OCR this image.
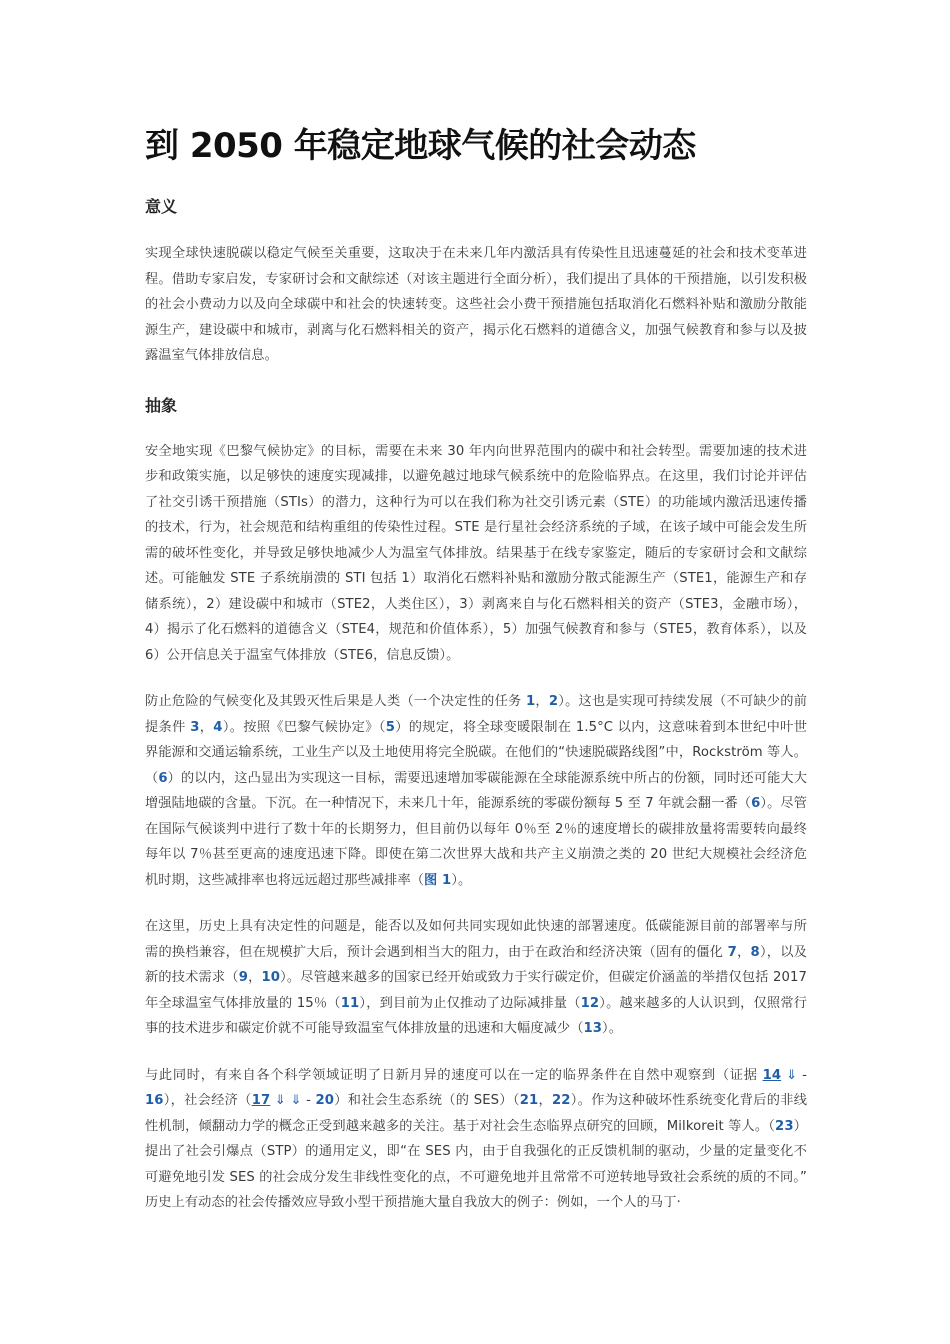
到 2050 年稳定地球气候的社会动态
意义

实现全球快速脱碳以稳定气候至关重要，这取决于在未来几年内激活具有传染性且迅速蔓延的社会和技术变革进程。借助专家启发，专家研讨会和文献综述（对该主题进行全面分析），我们提出了具体的干预措施，以引发积极的社会小费动力以及向全球碳中和社会的快速转变。这些社会小费干预措施包括取消化石燃料补贴和激励分散能源生产，建设碳中和城市，剥离与化石燃料相关的资产，揭示化石燃料的道德含义，加强气候教育和参与以及披露温室气体排放信息。

抽象

安全地实现《巴黎气候协定》的目标，需要在未来 30 年内向世界范围内的碳中和社会转型。需要加速的技术进步和政策实施，以足够快的速度实现减排，以避免越过地球气候系统中的危险临界点。在这里，我们讨论并评估了社交引诱干预措施（STIs）的潜力，这种行为可以在我们称为社交引诱元素（STE）的功能域内激活迅速传播的技术，行为，社会规范和结构重组的传染性过程。STE 是行星社会经济系统的子域，在该子域中可能会发生所需的破坏性变化，并导致足够快地减少人为温室气体排放。结果基于在线专家鉴定，随后的专家研讨会和文献综述。可能触发 STE 子系统崩溃的 STI 包括 1）取消化石燃料补贴和激励分散式能源生产（STE1，能源生产和存储系统），2）建设碳中和城市（STE2，人类住区），3）剥离来自与化石燃料相关的资产（STE3，金融市场），4）揭示了化石燃料的道德含义（STE4，规范和价值体系），5）加强气候教育和参与（STE5，教育体系），以及 6）公开信息关于温室气体排放（STE6，信息反馈）。

防止危险的气候变化及其毁灭性后果是人类（一个决定性的任务 1，2）。这也是实现可持续发展（不可缺少的前提条件 3，4）。按照《巴黎气候协定》（5）的规定，将全球变暖限制在 1.5°C 以内，这意味着到本世纪中叶世界能源和交通运输系统，工业生产以及土地使用将完全脱碳。在他们的“快速脱碳路线图”中，Rockström 等人。（6）的以内，这凸显出为实现这一目标，需要迅速增加零碳能源在全球能源系统中所占的份额，同时还可能大大增强陆地碳的含量。下沉。在一种情况下，未来几十年，能源系统的零碳份额每 5 至 7 年就会翻一番（6）。尽管在国际气候谈判中进行了数十年的长期努力，但目前仍以每年 0％至 2％的速度增长的碳排放量将需要转向最终每年以 7％甚至更高的速度迅速下降。即使在第二次世界大战和共产主义崩溃之类的 20 世纪大规模社会经济危机时期，这些减排率也将远远超过那些减排率（图 1）。

在这里，历史上具有决定性的问题是，能否以及如何共同实现如此快速的部署速度。低碳能源目前的部署率与所需的换档兼容，但在规模扩大后，预计会遇到相当大的阻力，由于在政治和经济决策（固有的僵化 7，8），以及新的技术需求（9，10）。尽管越来越多的国家已经开始或致力于实行碳定价，但碳定价涵盖的举措仅包括 2017 年全球温室气体排放量的 15％（11），到目前为止仅推动了边际减排量（12）。越来越多的人认识到，仅照常行事的技术进步和碳定价就不可能导致温室气体排放量的迅速和大幅度减少（13）。

与此同时，有来自各个科学领域证明了日新月异的速度可以在一定的临界条件在自然中观察到（证据 14 ⇓ - 16），社会经济（17 ⇓ ⇓ - 20）和社会生态系统（的 SES）（21，22）。作为这种破坏性系统变化背后的非线性机制，倾翻动力学的概念正受到越来越多的关注。基于对社会生态临界点研究的回顾，Milkoreit 等人。（23）提出了社会引爆点（STP）的通用定义，即“在 SES 内，由于自我强化的正反馈机制的驱动，少量的定量变化不可避免地引发 SES 的社会成分发生非线性变化的点，不可避免地并且常常不可逆转地导致社会系统的质的不同。” 历史上有动态的社会传播效应导致小型干预措施大量自我放大的例子：例如，一个人的马丁·
